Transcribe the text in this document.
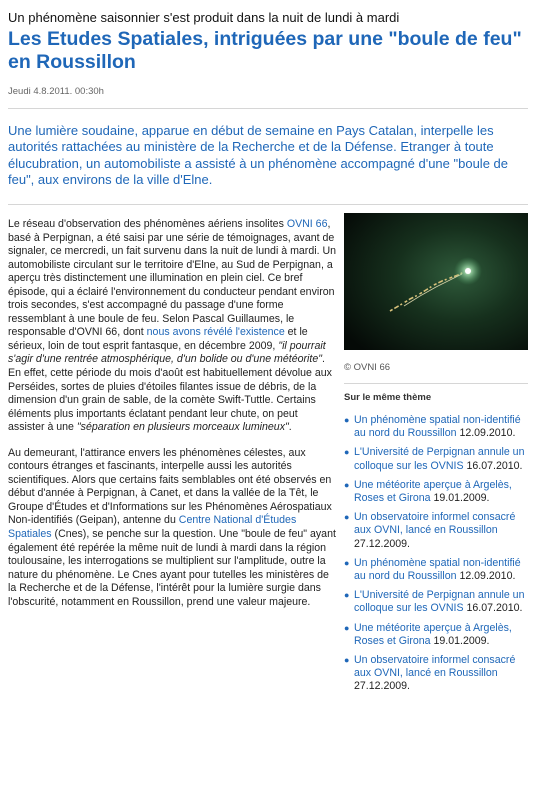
Un phénomène saisonnier s'est produit dans la nuit de lundi à mardi
Les Etudes Spatiales, intriguées par une "boule de feu" en Roussillon
Jeudi 4.8.2011. 00:30h
Une lumière soudaine, apparue en début de semaine en Pays Catalan, interpelle les autorités rattachées au ministère de la Recherche et de la Défense. Etranger à toute élucubration, un automobiliste a assisté à un phénomène accompagné d'une "boule de feu", aux environs de la ville d'Elne.

Le réseau d'observation des phénomènes aériens insolites OVNI 66, basé à Perpignan, a été saisi par une série de témoignages, avant de signaler, ce mercredi, un fait survenu dans la nuit de lundi à mardi. Un automobiliste circulant sur le territoire d'Elne, au Sud de Perpignan, a aperçu très distinctement une illumination en plein ciel. Ce bref épisode, qui a éclairé l'environnement du conducteur pendant environ trois secondes, s'est accompagné du passage d'une forme ressemblant à une boule de feu. Selon Pascal Guillaumes, le responsable d'OVNI 66, dont nous avons révélé l'existence et le sérieux, loin de tout esprit fantasque, en décembre 2009, "il pourrait s'agir d'une rentrée atmosphérique, d'un bolide ou d'une météorite". En effet, cette période du mois d'août est habituellement dévolue aux Perséides, sortes de pluies d'étoiles filantes issue de débris, de la dimension d'un grain de sable, de la comète Swift-Tuttle. Certains éléments plus importants éclatant pendant leur chute, on peut assister à une "séparation en plusieurs morceaux lumineux".

Au demeurant, l'attirance envers les phénomènes célestes, aux contours étranges et fascinants, interpelle aussi les autorités scientifiques. Alors que certains faits semblables ont été observés en début d'année à Perpignan, à Canet, et dans la vallée de la Têt, le Groupe d'Études et d'Informations sur les Phénomènes Aérospatiaux Non-identifiés (Geipan), antenne du Centre National d'Études Spatiales (Cnes), se penche sur la question. Une "boule de feu" ayant également été repérée la même nuit de lundi à mardi dans la région toulousaine, les interrogations se multiplient sur l'amplitude, outre la nature du phénomène. Le Cnes ayant pour tutelles les ministères de la Recherche et de la Défense, l'intérêt pour la lumière surgie dans l'obscurité, notamment en Roussillon, prend une valeur majeure.

© OVNI 66
Sur le même thème
● Un phénomène spatial non-identifié au nord du Roussillon 12.09.2010.
● L'Université de Perpignan annule un colloque sur les OVNIS 16.07.2010.
● Une météorite aperçue à Argelès, Roses et Girona 19.01.2009.
● Un observatoire informel consacré aux OVNI, lancé en Roussillon 27.12.2009.
● Un phénomène spatial non-identifié au nord du Roussillon 12.09.2010.
● L'Université de Perpignan annule un colloque sur les OVNIS 16.07.2010.
● Une météorite aperçue à Argelès, Roses et Girona 19.01.2009.
● Un observatoire informel consacré aux OVNI, lancé en Roussillon 27.12.2009.
